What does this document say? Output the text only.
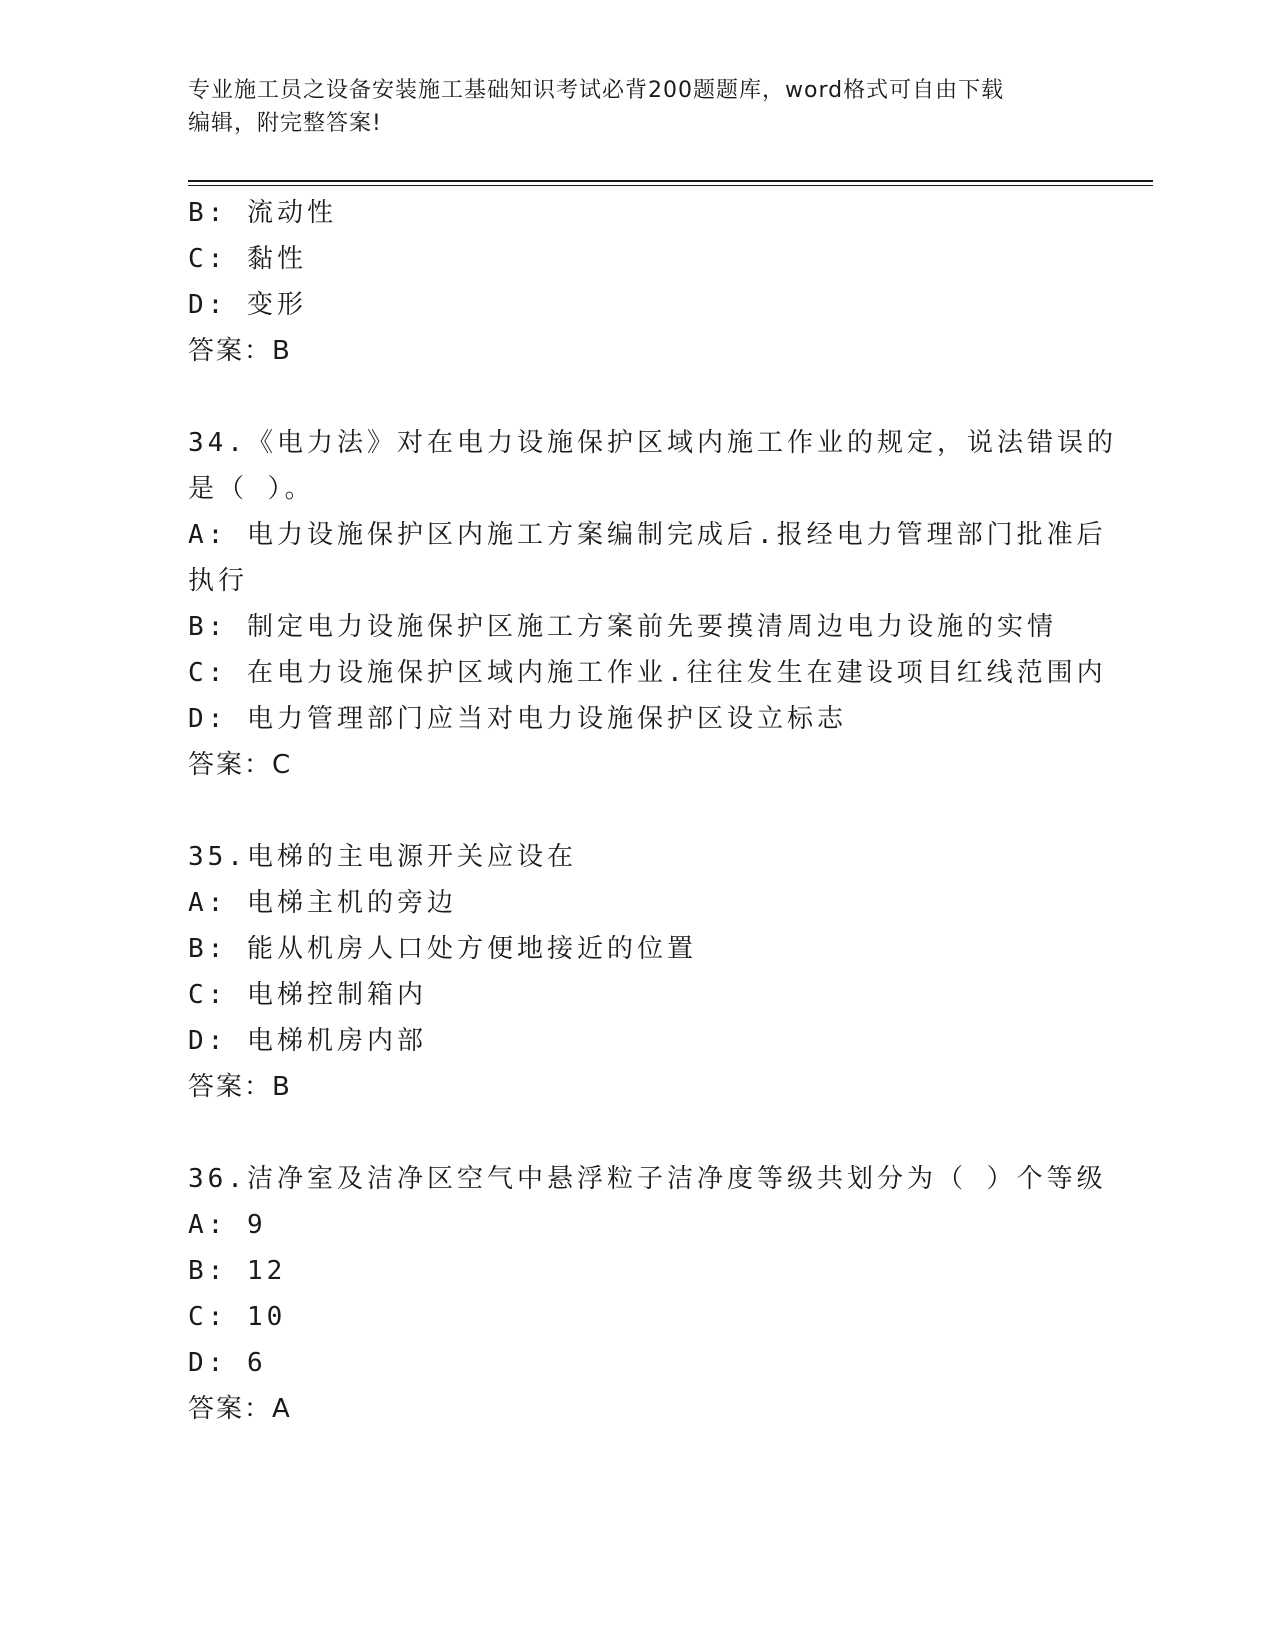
专业施工员之设备安装施工基础知识考试必背200题题库，word格式可自由下载
编辑，附完整答案!
B: 流动性
C: 黏性
D: 变形
答案：B
34.《电力法》对在电力设施保护区域内施工作业的规定，说法错误的
是（ ）。
A: 电力设施保护区内施工方案编制完成后.报经电力管理部门批准后
执行
B: 制定电力设施保护区施工方案前先要摸清周边电力设施的实情
C: 在电力设施保护区域内施工作业.往往发生在建设项目红线范围内
D: 电力管理部门应当对电力设施保护区设立标志
答案：C
35.电梯的主电源开关应设在
A: 电梯主机的旁边
B: 能从机房人口处方便地接近的位置
C: 电梯控制箱内
D: 电梯机房内部
答案：B
36.洁净室及洁净区空气中悬浮粒子洁净度等级共划分为（ ）个等级
A: 9
B: 12
C: 10
D: 6
答案：A
